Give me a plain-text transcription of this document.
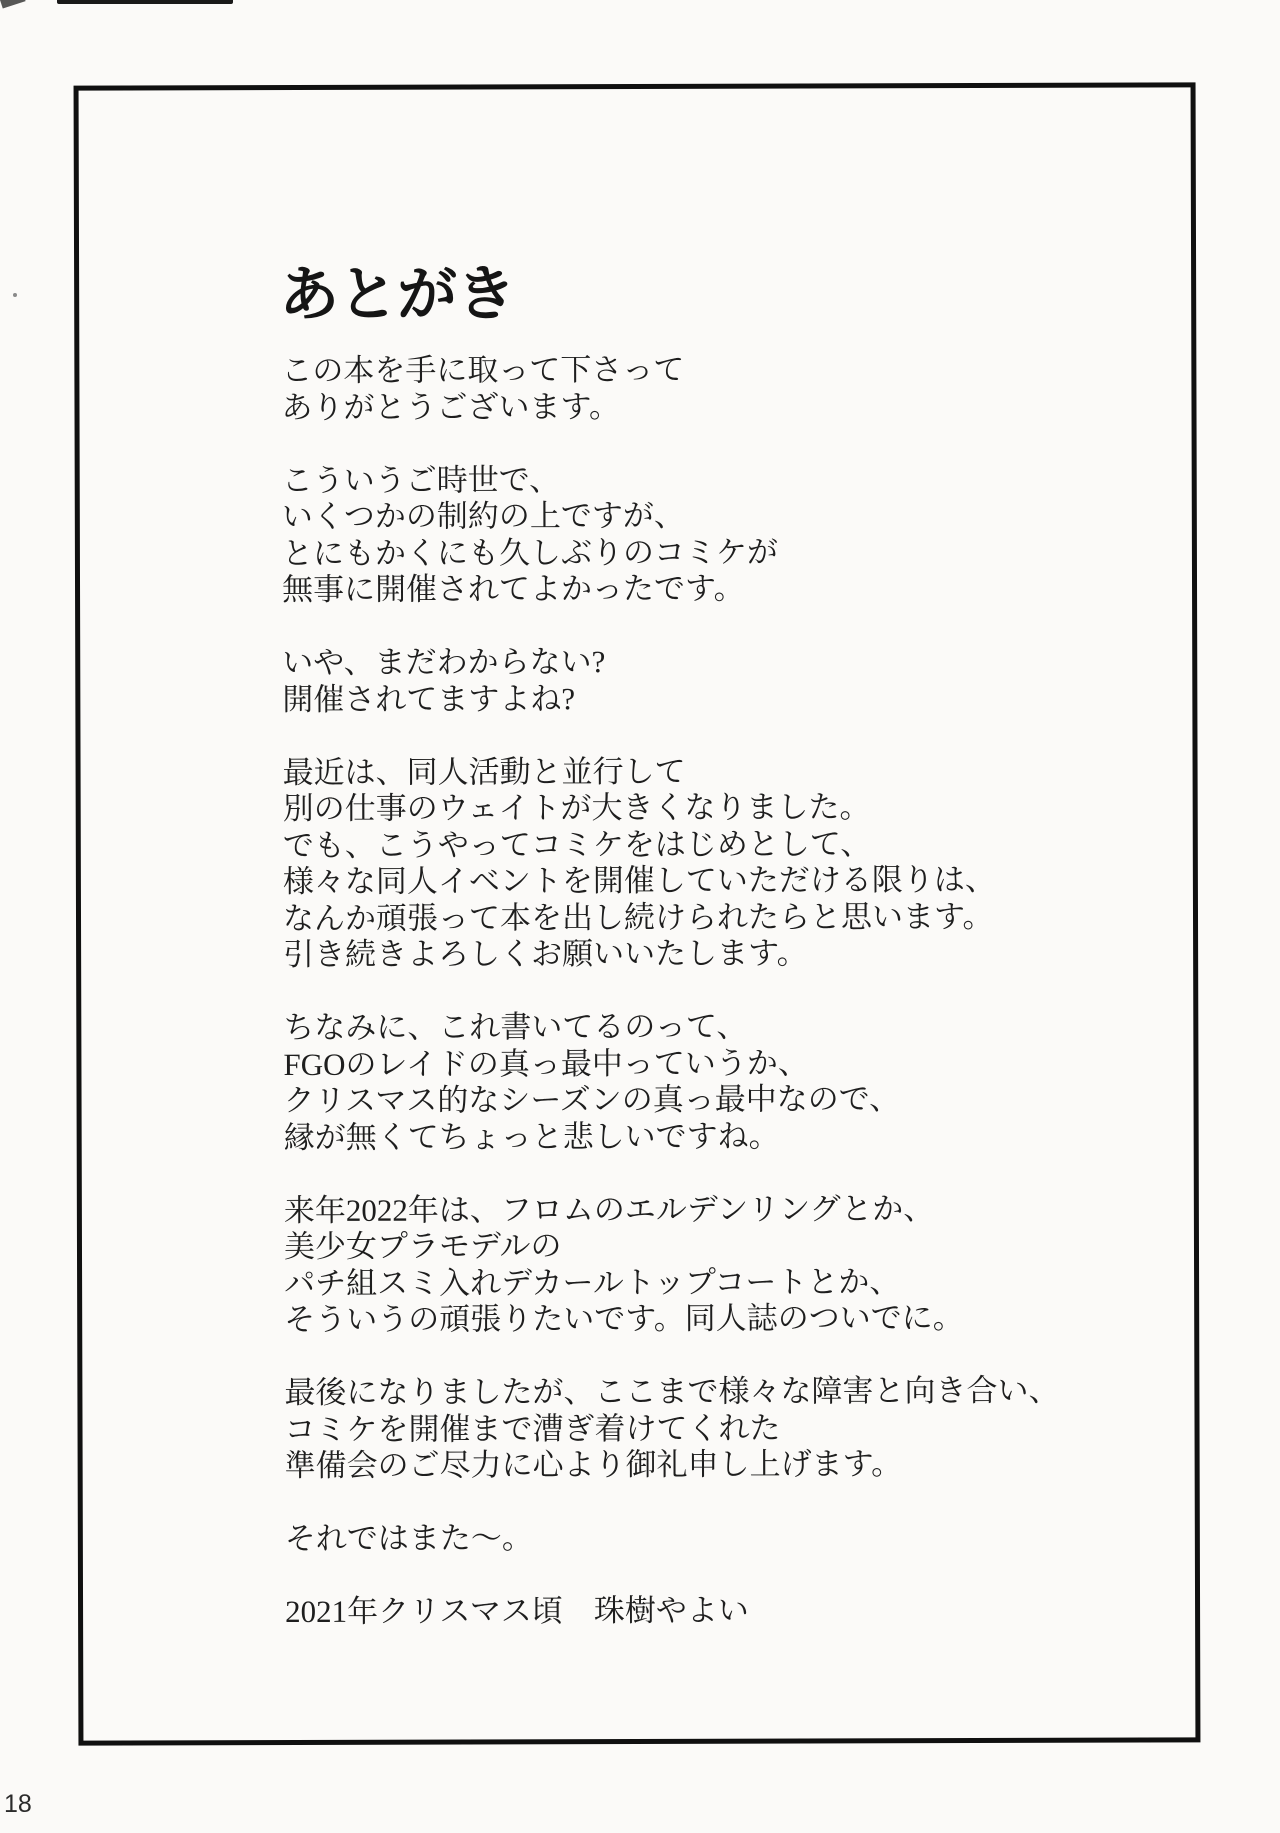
あとがき

この本を手に取って下さって
ありがとうございます。

こういうご時世で、
いくつかの制約の上ですが、
とにもかくにも久しぶりのコミケが
無事に開催されてよかったです。

いや、まだわからない?
開催されてますよね?

最近は、同人活動と並行して
別の仕事のウェイトが大きくなりました。
でも、こうやってコミケをはじめとして、
様々な同人イベントを開催していただける限りは、
なんか頑張って本を出し続けられたらと思います。
引き続きよろしくお願いいたします。

ちなみに、これ書いてるのって、
FGOのレイドの真っ最中っていうか、
クリスマス的なシーズンの真っ最中なので、
縁が無くてちょっと悲しいですね。

来年2022年は、フロムのエルデンリングとか、
美少女プラモデルの
パチ組スミ入れデカールトップコートとか、
そういうの頑張りたいです。同人誌のついでに。

最後になりましたが、ここまで様々な障害と向き合い、
コミケを開催まで漕ぎ着けてくれた
準備会のご尽力に心より御礼申し上げます。

それではまた～。

2021年クリスマス頃　珠樹やよい

18
